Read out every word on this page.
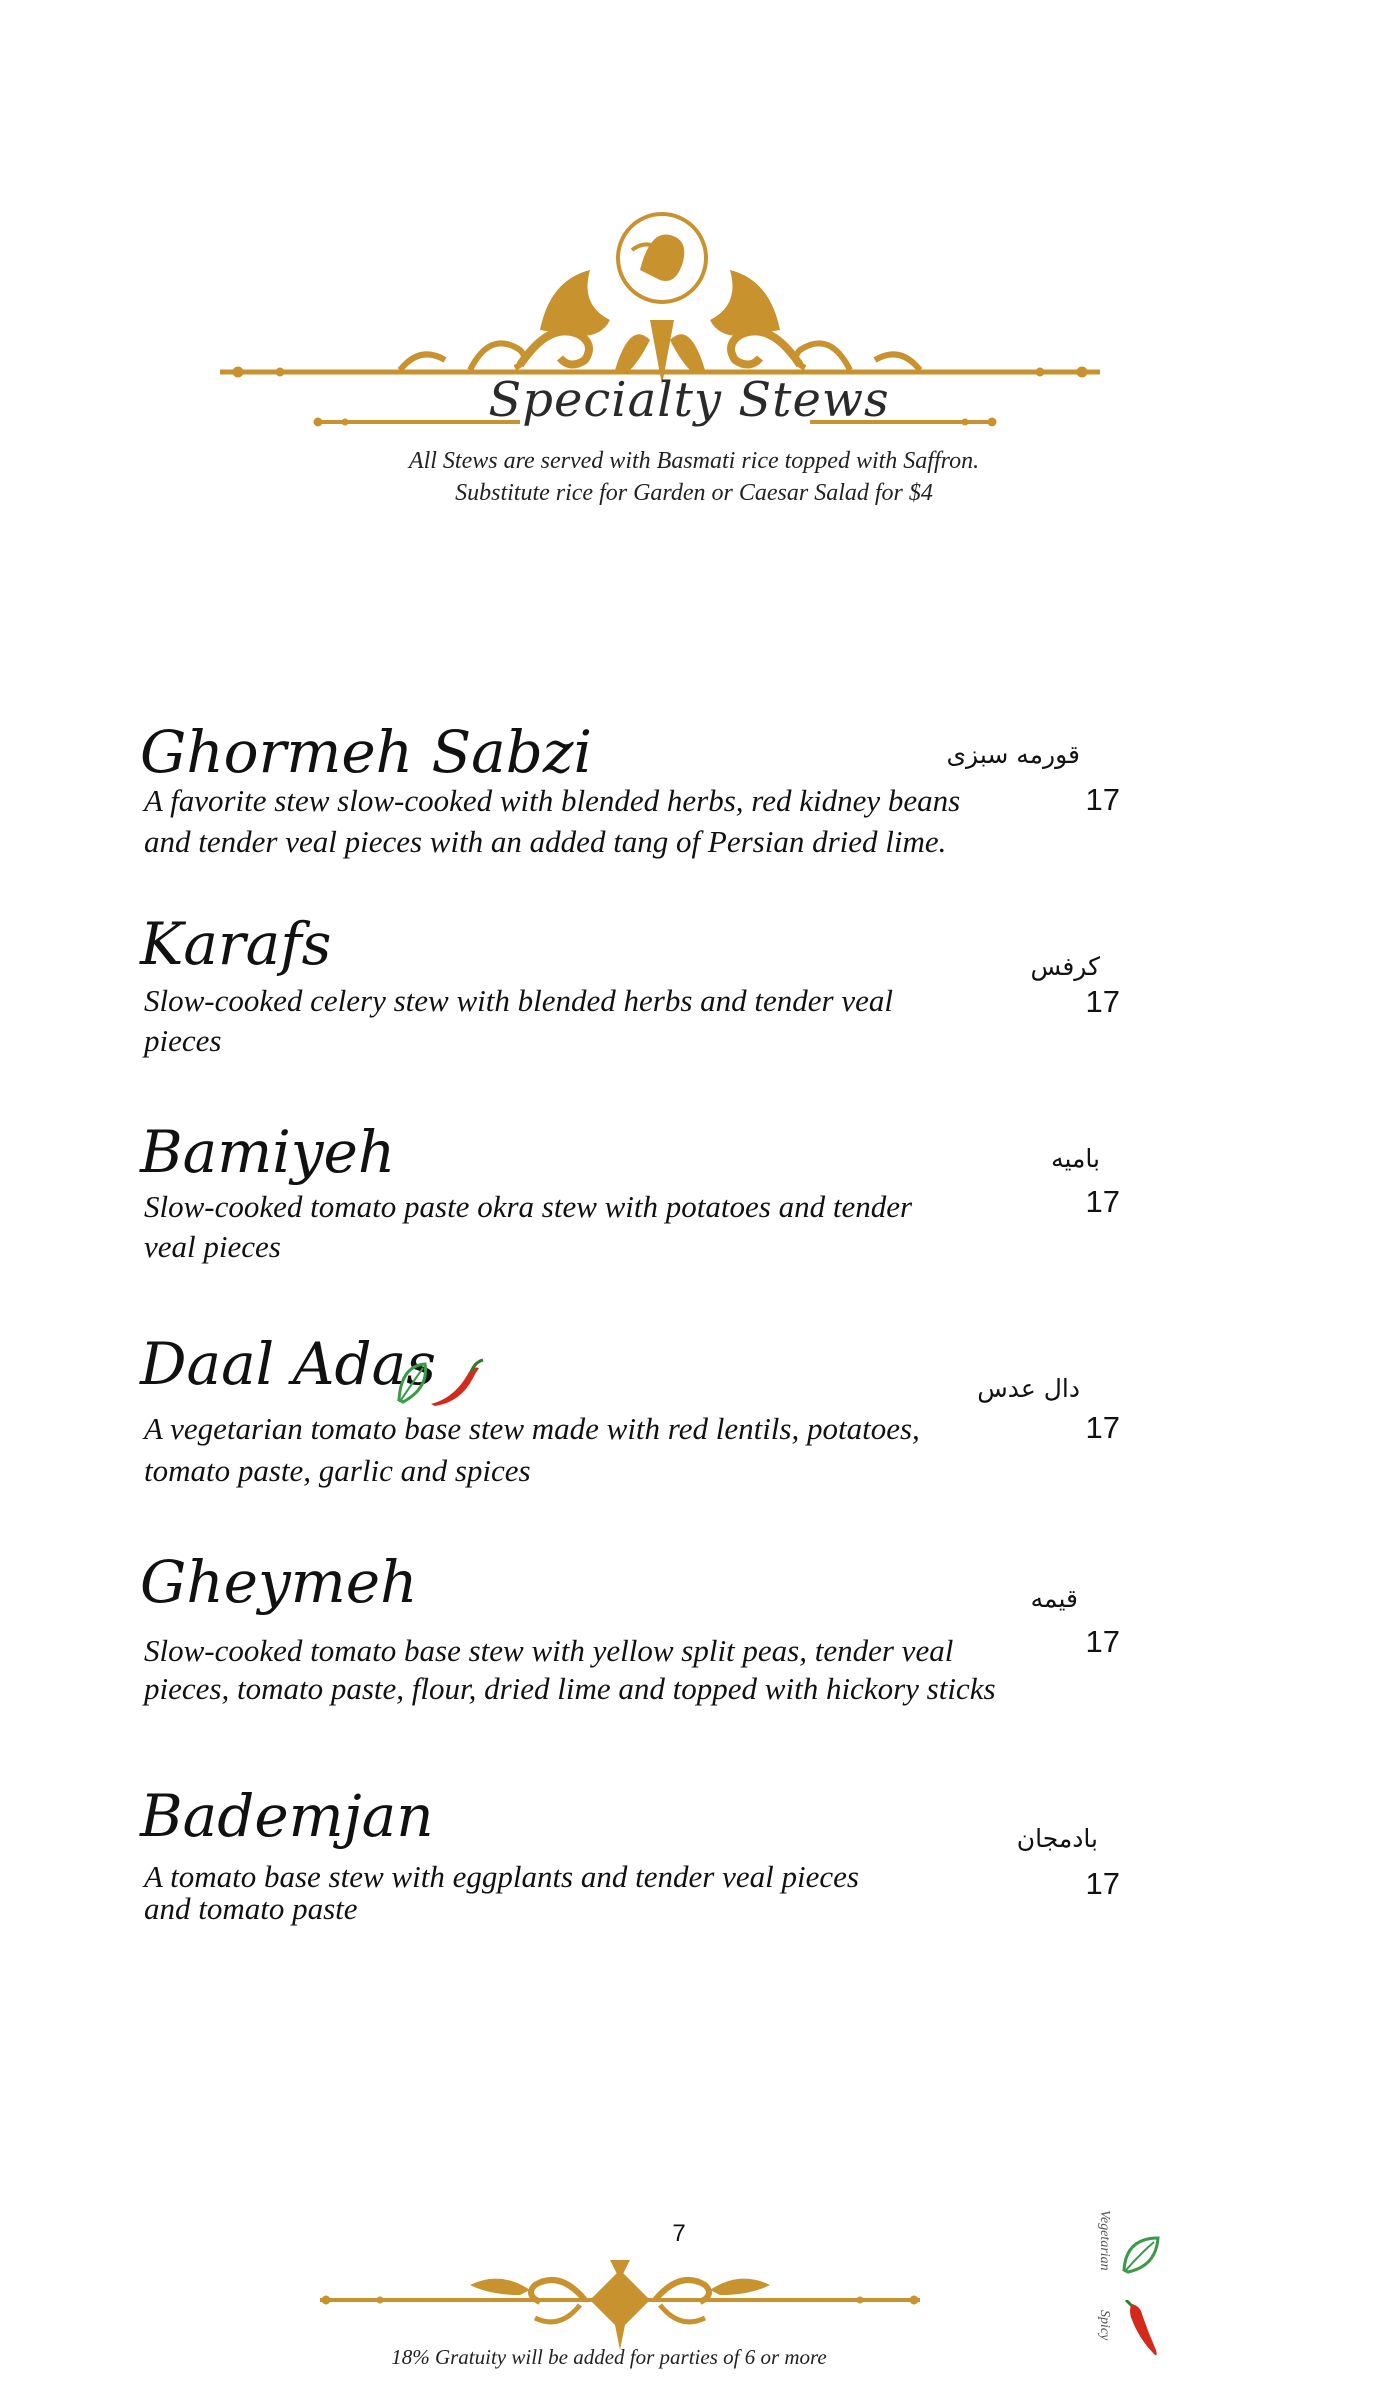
Specialty Stews
All Stews are served with Basmati rice topped with Saffron.
Substitute rice for Garden or Caesar Salad for $4
Ghormeh Sabzi	قورمه سبزی
A favorite stew slow-cooked with blended herbs, red kidney beans
and tender veal pieces with an added tang of Persian dried lime.
17
Karafs	کرفس
Slow-cooked celery stew with blended herbs and tender veal
pieces
17
Bamiyeh	بامیه
Slow-cooked tomato paste okra stew with potatoes and tender
veal pieces
17
Daal Adas	دال عدس
A vegetarian tomato base stew made with red lentils, potatoes,
tomato paste, garlic and spices
17
Gheymeh	قیمه
Slow-cooked tomato base stew with yellow split peas, tender veal
pieces, tomato paste, flour, dried lime and topped with hickory sticks
17
Bademjan	بادمجان
A tomato base stew with eggplants and tender veal pieces
and tomato paste
17
7
18% Gratuity will be added for parties of 6 or more
Vegetarian
Spicy
